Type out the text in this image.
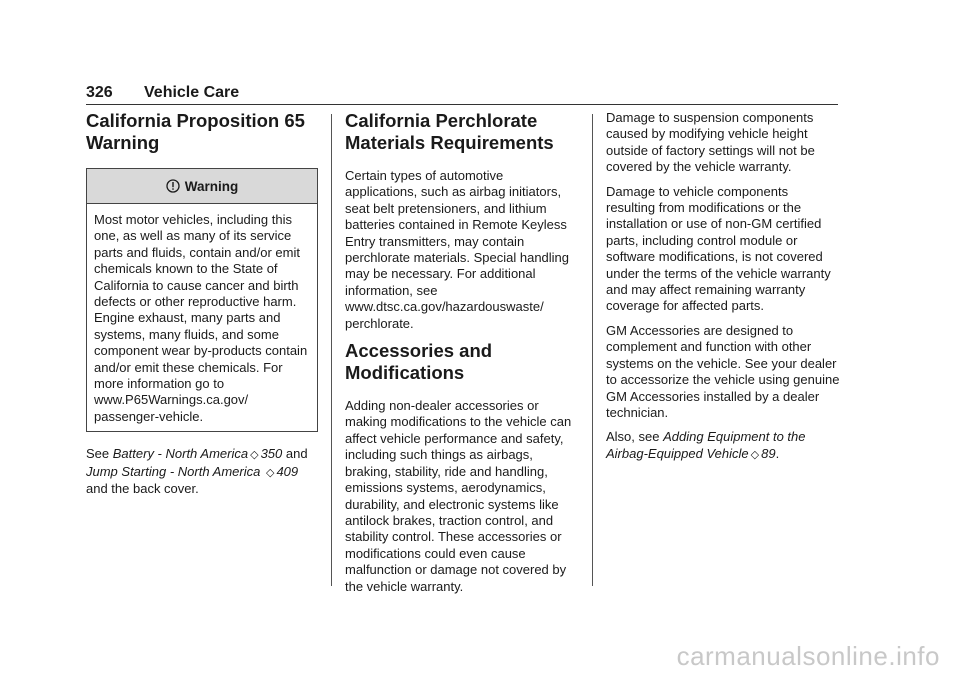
326 Vehicle Care
California Proposition 65 Warning
Warning

Most motor vehicles, including this one, as well as many of its service parts and fluids, contain and/or emit chemicals known to the State of California to cause cancer and birth defects or other reproductive harm. Engine exhaust, many parts and systems, many fluids, and some component wear by-products contain and/or emit these chemicals. For more information go to www.P65Warnings.ca.gov/ passenger-vehicle.

See Battery - North America ◇ 350 and Jump Starting - North America ◇ 409 and the back cover.

California Perchlorate Materials Requirements

Certain types of automotive applications, such as airbag initiators, seat belt pretensioners, and lithium batteries contained in Remote Keyless Entry transmitters, may contain perchlorate materials. Special handling may be necessary. For additional information, see www.dtsc.ca.gov/hazardouswaste/ perchlorate.

Accessories and Modifications

Adding non-dealer accessories or making modifications to the vehicle can affect vehicle performance and safety, including such things as airbags, braking, stability, ride and handling, emissions systems, aerodynamics, durability, and electronic systems like antilock brakes, traction control, and stability control. These accessories or modifications could even cause malfunction or damage not covered by the vehicle warranty.

Damage to suspension components caused by modifying vehicle height outside of factory settings will not be covered by the vehicle warranty.

Damage to vehicle components resulting from modifications or the installation or use of non-GM certified parts, including control module or software modifications, is not covered under the terms of the vehicle warranty and may affect remaining warranty coverage for affected parts.

GM Accessories are designed to complement and function with other systems on the vehicle. See your dealer to accessorize the vehicle using genuine GM Accessories installed by a dealer technician.

Also, see Adding Equipment to the Airbag-Equipped Vehicle ◇ 89.

carmanualsonline.info
